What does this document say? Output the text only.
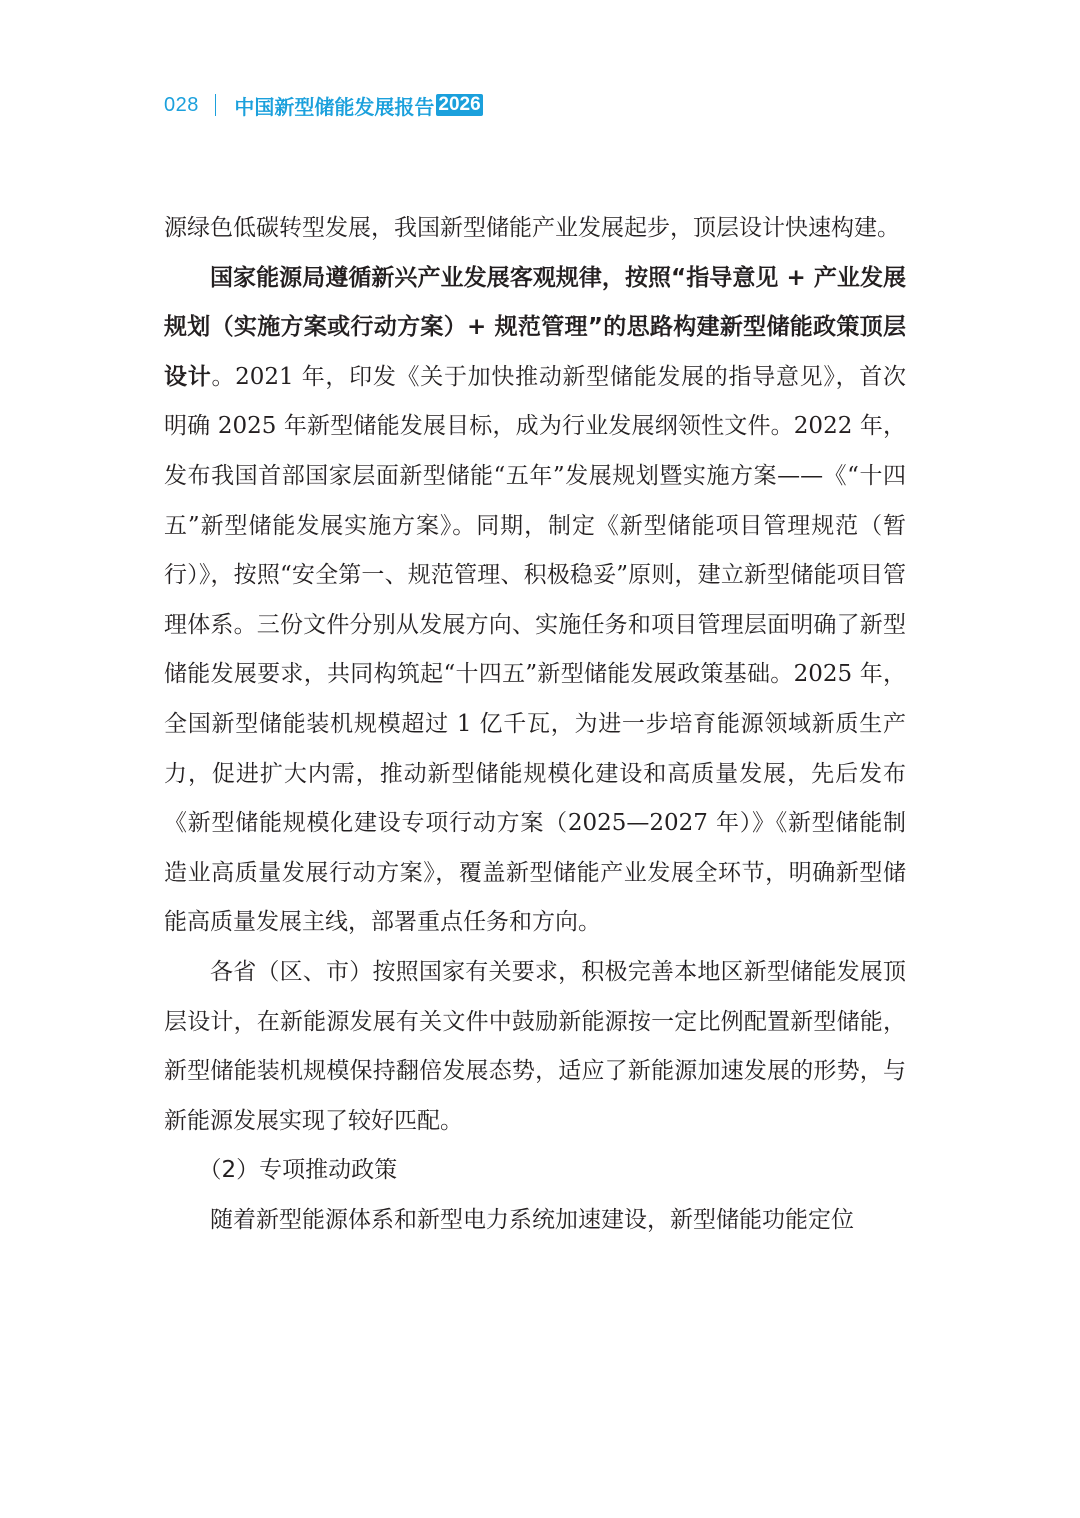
028 中国新型储能发展报告 2026

源绿色低碳转型发展，我国新型储能产业发展起步，顶层设计快速构建。

国家能源局遵循新兴产业发展客观规律，按照“指导意见 + 产业发展规划（实施方案或行动方案）+ 规范管理”的思路构建新型储能政策顶层设计。2021 年，印发《关于加快推动新型储能发展的指导意见》，首次明确 2025 年新型储能发展目标，成为行业发展纲领性文件。2022 年，发布我国首部国家层面新型储能“五年”发展规划暨实施方案——《“十四五”新型储能发展实施方案》。同期，制定《新型储能项目管理规范（暂行）》，按照“安全第一、规范管理、积极稳妥”原则，建立新型储能项目管理体系。三份文件分别从发展方向、实施任务和项目管理层面明确了新型储能发展要求，共同构筑起“十四五”新型储能发展政策基础。2025 年，全国新型储能装机规模超过 1 亿千瓦，为进一步培育能源领域新质生产力，促进扩大内需，推动新型储能规模化建设和高质量发展，先后发布《新型储能规模化建设专项行动方案（2025—2027 年）》《新型储能制造业高质量发展行动方案》，覆盖新型储能产业发展全环节，明确新型储能高质量发展主线，部署重点任务和方向。

各省（区、市）按照国家有关要求，积极完善本地区新型储能发展顶层设计，在新能源发展有关文件中鼓励新能源按一定比例配置新型储能，新型储能装机规模保持翻倍发展态势，适应了新能源加速发展的形势，与新能源发展实现了较好匹配。

（2）专项推动政策

随着新型能源体系和新型电力系统加速建设，新型储能功能定位
